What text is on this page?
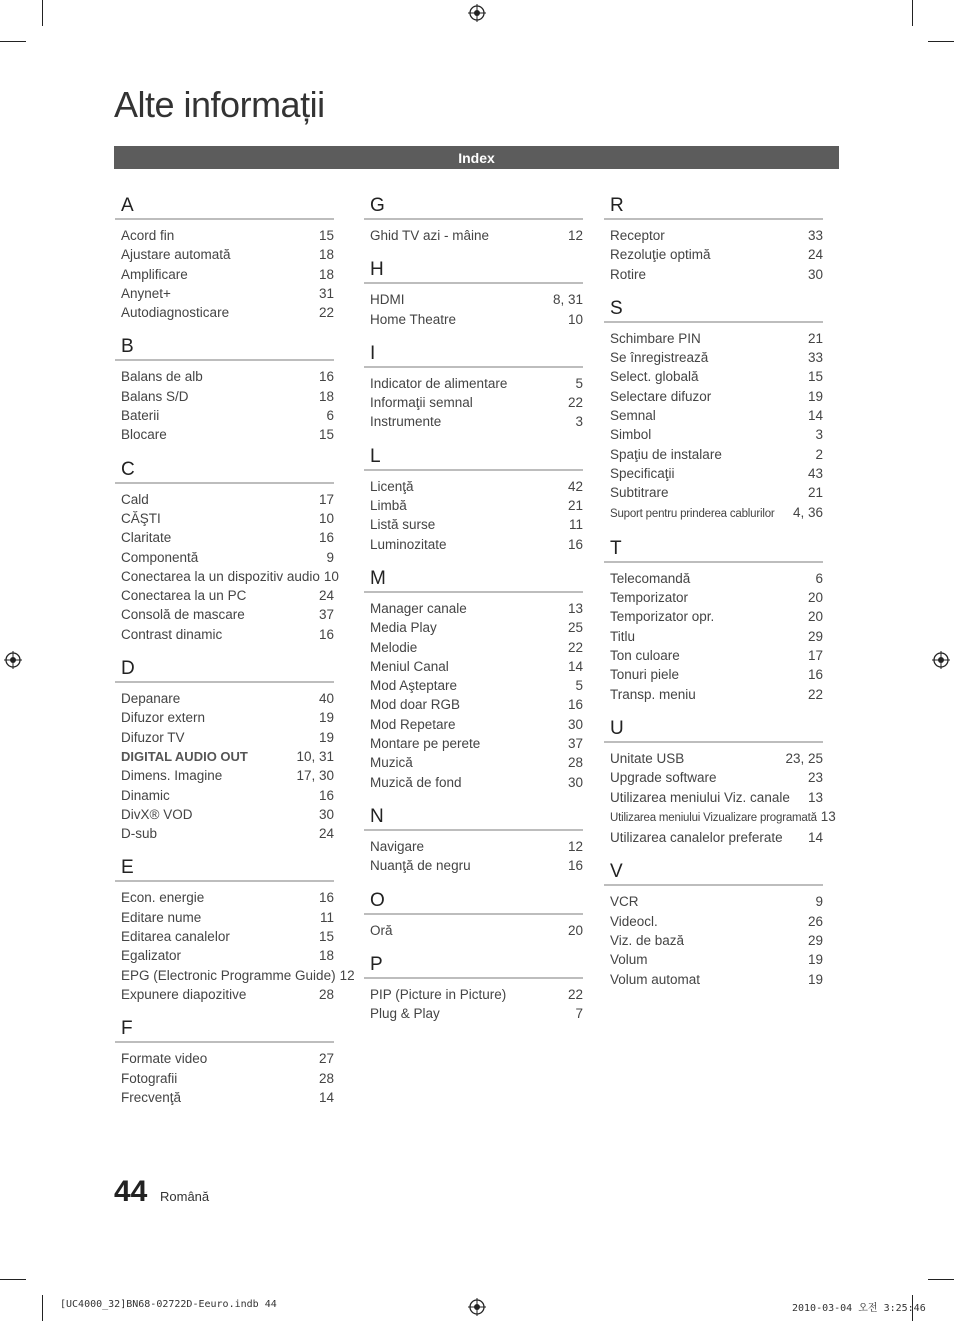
Alte informații
Index
A
Acord fin	15
Ajustare automată	18
Amplificare	18
Anynet+	31
Autodiagnosticare	22
B
Balans de alb	16
Balans S/D	18
Baterii	6
Blocare	15
C
Cald	17
CĂŞTI	10
Claritate	16
Componentă	9
Conectarea la un dispozitiv audio 10
Conectarea la un PC	24
Consolă de mascare	37
Contrast dinamic	16
D
Depanare	40
Difuzor extern	19
Difuzor TV	19
DIGITAL AUDIO OUT	10, 31
Dimens. Imagine	17, 30
Dinamic	16
DivX® VOD	30
D-sub	24
E
Econ. energie	16
Editare nume	11
Editarea canalelor	15
Egalizator	18
EPG (Electronic Programme Guide) 12
Expunere diapozitive	28
F
Formate video	27
Fotografii	28
Frecvenţă	14
G
Ghid TV azi - mâine	12
H
HDMI	8, 31
Home Theatre	10
I
Indicator de alimentare	5
Informaţii semnal	22
Instrumente	3
L
Licenţă	42
Limbă	21
Listă surse	11
Luminozitate	16
M
Manager canale	13
Media Play	25
Melodie	22
Meniul Canal	14
Mod Aşteptare	5
Mod doar RGB	16
Mod Repetare	30
Montare pe perete	37
Muzică	28
Muzică de fond	30
N
Navigare	12
Nuanţă de negru	16
O
Oră	20
P
PIP (Picture in Picture)	22
Plug & Play	7
R
Receptor	33
Rezoluţie optimă	24
Rotire	30
S
Schimbare PIN	21
Se înregistrează	33
Select. globală	15
Selectare difuzor	19
Semnal	14
Simbol	3
Spaţiu de instalare	2
Specificaţii	43
Subtitrare	21
Suport pentru prinderea cablurilor	4, 36
T
Telecomandă	6
Temporizator	20
Temporizator opr.	20
Titlu	29
Ton culoare	17
Tonuri piele	16
Transp. meniu	22
U
Unitate USB	23, 25
Upgrade software	23
Utilizarea meniului Viz. canale	13
Utilizarea meniului Vizualizare programată 13
Utilizarea canalelor preferate	14
V
VCR	9
Videocl.	26
Viz. de bază	29
Volum	19
Volum automat	19
44 Română
[UC4000_32]BN68-02722D-Eeuro.indb 44	2010-03-04 오전 3:25:46
